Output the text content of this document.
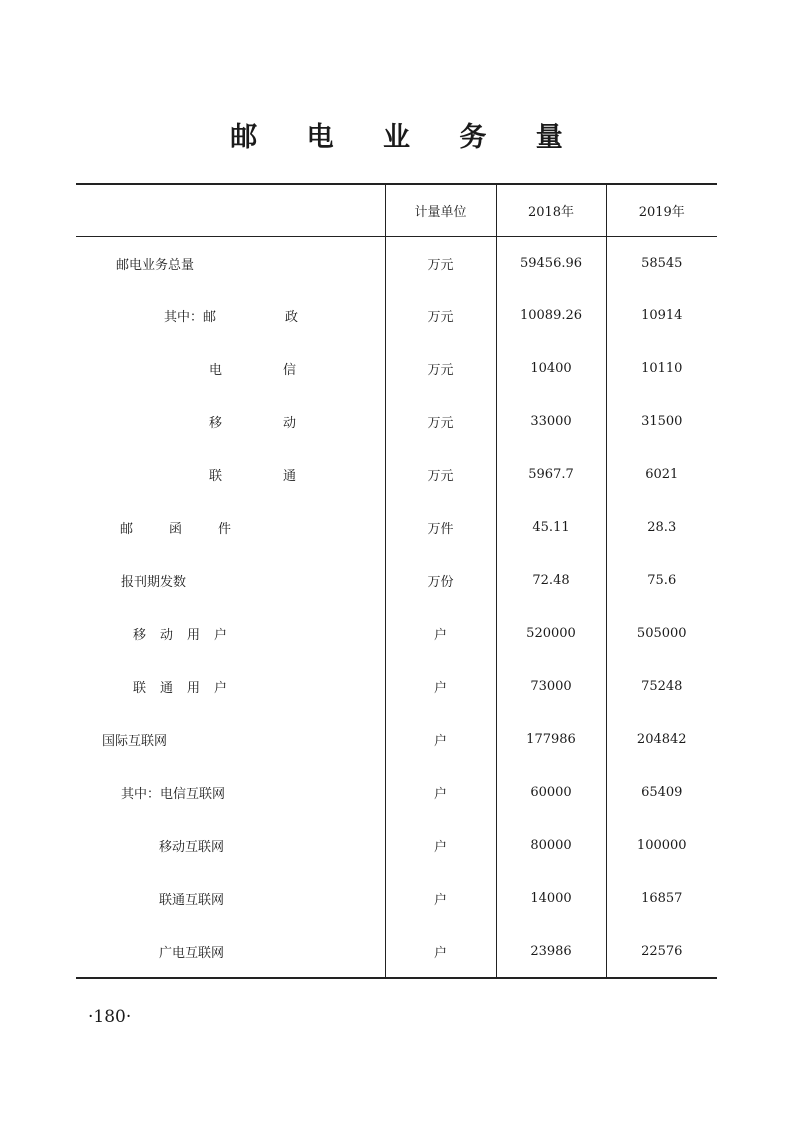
邮 电 业 务 量
	计量单位	2018年	2019年
邮电业务总量	万元	59456.96	58545
其中：邮 政	万元	10089.26	10914
电 信	万元	10400	10110
移 动	万元	33000	31500
联 通	万元	5967.7	6021
邮函件	万件	45.11	28.3
报刊期发数	万份	72.48	75.6
移动用户	户	520000	505000
联通用户	户	73000	75248
国际互联网	户	177986	204842
其中：电信互联网	户	60000	65409
移动互联网	户	80000	100000
联通互联网	户	14000	16857
广电互联网	户	23986	22576
·180·
